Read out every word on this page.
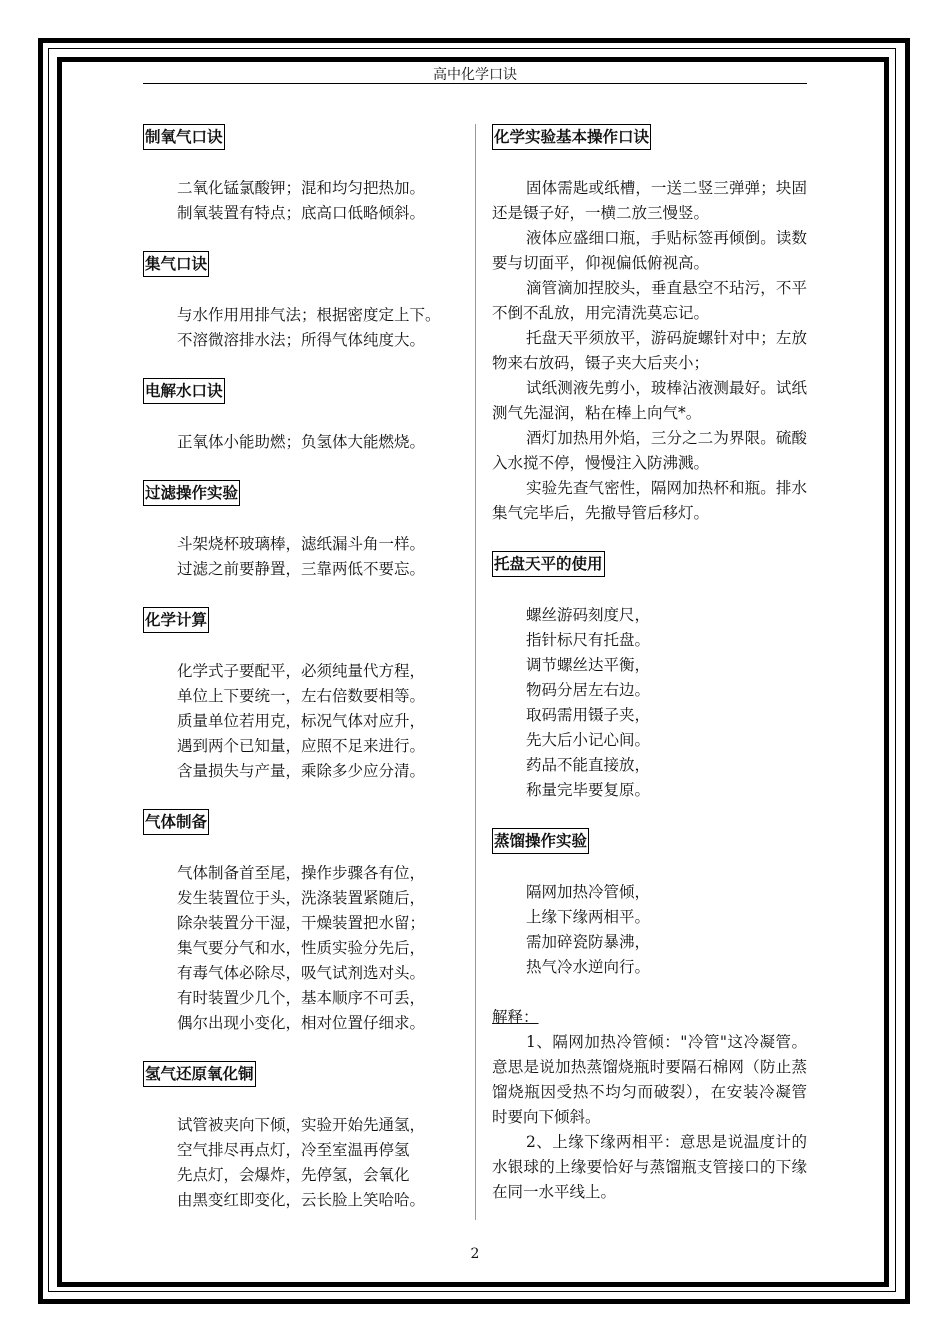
高中化学口诀
制氧气口诀
二氧化锰氯酸钾；混和均匀把热加。
制氧装置有特点；底高口低略倾斜。
集气口诀
与水作用用排气法；根据密度定上下。
不溶微溶排水法；所得气体纯度大。
电解水口诀
正氧体小能助燃；负氢体大能燃烧。
过滤操作实验
斗架烧杯玻璃棒，滤纸漏斗角一样。
过滤之前要静置，三靠两低不要忘。
化学计算
化学式子要配平，必须纯量代方程，
单位上下要统一，左右倍数要相等。
质量单位若用克，标况气体对应升，
遇到两个已知量，应照不足来进行。
含量损失与产量，乘除多少应分清。
气体制备
气体制备首至尾，操作步骤各有位，
发生装置位于头，洗涤装置紧随后，
除杂装置分干湿，干燥装置把水留；
集气要分气和水，性质实验分先后，
有毒气体必除尽，吸气试剂选对头。
有时装置少几个，基本顺序不可丢，
偶尔出现小变化，相对位置仔细求。
氢气还原氧化铜
试管被夹向下倾，实验开始先通氢，
空气排尽再点灯，冷至室温再停氢
先点灯，会爆炸，先停氢，会氧化
由黑变红即变化，云长脸上笑哈哈。
化学实验基本操作口诀
固体需匙或纸槽，一送二竖三弹弹；块固还是镊子好，一横二放三慢竖。
液体应盛细口瓶，手贴标签再倾倒。读数要与切面平，仰视偏低俯视高。
滴管滴加捏胶头，垂直悬空不玷污，不平不倒不乱放，用完清洗莫忘记。
托盘天平须放平，游码旋螺针对中；左放物来右放码，镊子夹大后夹小；
试纸测液先剪小，玻棒沾液测最好。试纸测气先湿润，粘在棒上向气*。
酒灯加热用外焰，三分之二为界限。硫酸入水搅不停，慢慢注入防沸溅。
实验先查气密性，隔网加热杯和瓶。排水集气完毕后，先撤导管后移灯。
托盘天平的使用
螺丝游码刻度尺，
指针标尺有托盘。
调节螺丝达平衡，
物码分居左右边。
取码需用镊子夹，
先大后小记心间。
药品不能直接放，
称量完毕要复原。
蒸馏操作实验
隔网加热冷管倾，
上缘下缘两相平。
需加碎瓷防暴沸，
热气冷水逆向行。
解释：
1、隔网加热冷管倾："冷管"这冷凝管。意思是说加热蒸馏烧瓶时要隔石棉网（防止蒸馏烧瓶因受热不均匀而破裂），在安装冷凝管时要向下倾斜。
2、上缘下缘两相平：意思是说温度计的水银球的上缘要恰好与蒸馏瓶支管接口的下缘在同一水平线上。
2
